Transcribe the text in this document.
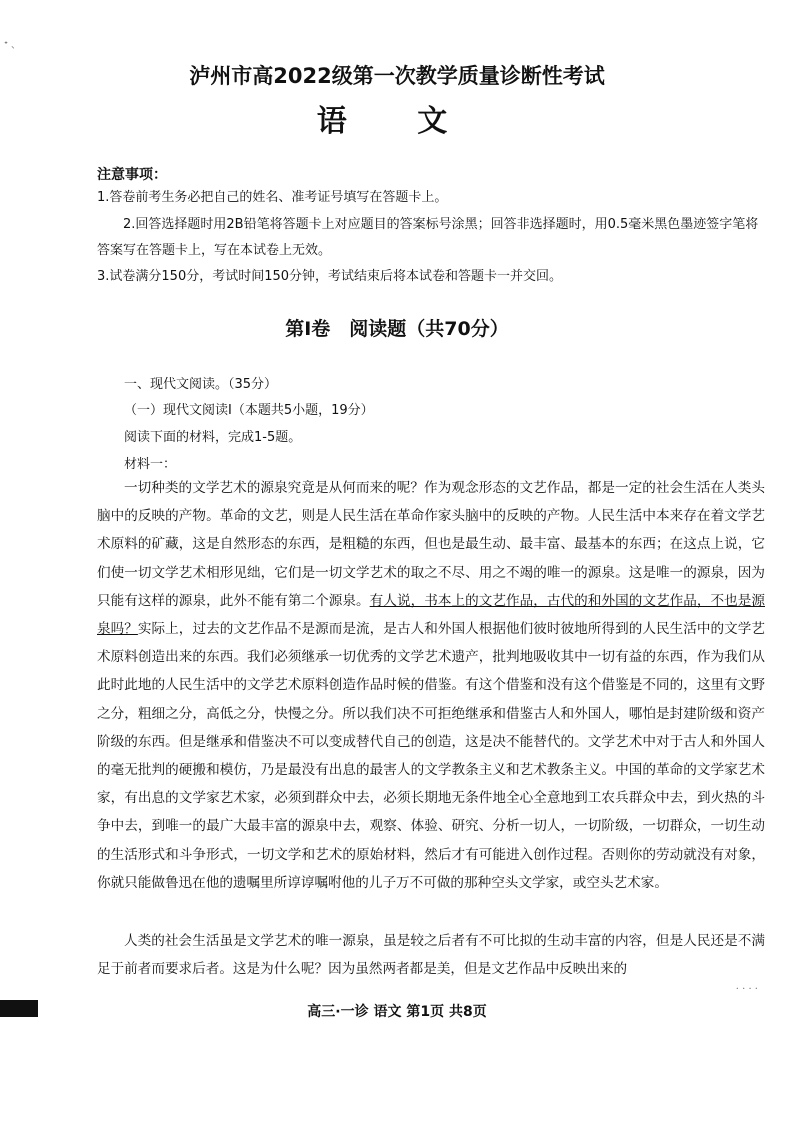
ᐩ ､
泸州市高2022级第一次教学质量诊断性考试
语 文
注意事项：
1.答卷前考生务必把自己的姓名、准考证号填写在答题卡上。
2.回答选择题时用2B铅笔将答题卡上对应题目的答案标号涂黑；回答非选择题时，用0.5毫米黑色墨迹签字笔将答案写在答题卡上，写在本试卷上无效。
3.试卷满分150分，考试时间150分钟，考试结束后将本试卷和答题卡一并交回。
第Ⅰ卷　阅读题（共70分）
一、现代文阅读。（35分）
（一）现代文阅读Ⅰ（本题共5小题，19分）
阅读下面的材料，完成1-5题。
材料一：
一切种类的文学艺术的源泉究竟是从何而来的呢？作为观念形态的文艺作品，都是一定的社会生活在人类头脑中的反映的产物。革命的文艺，则是人民生活在革命作家头脑中的反映的产物。人民生活中本来存在着文学艺术原料的矿藏，这是自然形态的东西，是粗糙的东西，但也是最生动、最丰富、最基本的东西；在这点上说，它们使一切文学艺术相形见绌，它们是一切文学艺术的取之不尽、用之不竭的唯一的源泉。这是唯一的源泉，因为只能有这样的源泉，此外不能有第二个源泉。有人说，书本上的文艺作品，古代的和外国的文艺作品，不也是源泉吗？实际上，过去的文艺作品不是源而是流，是古人和外国人根据他们彼时彼地所得到的人民生活中的文学艺术原料创造出来的东西。我们必须继承一切优秀的文学艺术遗产，批判地吸收其中一切有益的东西，作为我们从此时此地的人民生活中的文学艺术原料创造作品时候的借鉴。有这个借鉴和没有这个借鉴是不同的，这里有文野之分，粗细之分，高低之分，快慢之分。所以我们决不可拒绝继承和借鉴古人和外国人，哪怕是封建阶级和资产阶级的东西。但是继承和借鉴决不可以变成替代自己的创造，这是决不能替代的。文学艺术中对于古人和外国人的毫无批判的硬搬和模仿，乃是最没有出息的最害人的文学教条主义和艺术教条主义。中国的革命的文学家艺术家，有出息的文学家艺术家，必须到群众中去，必须长期地无条件地全心全意地到工农兵群众中去，到火热的斗争中去，到唯一的最广大最丰富的源泉中去，观察、体验、研究、分析一切人，一切阶级，一切群众，一切生动的生活形式和斗争形式，一切文学和艺术的原始材料，然后才有可能进入创作过程。否则你的劳动就没有对象，你就只能做鲁迅在他的遗嘱里所谆谆嘱咐他的儿子万不可做的那种空头文学家，或空头艺术家。
人类的社会生活虽是文学艺术的唯一源泉，虽是较之后者有不可比拟的生动丰富的内容，但是人民还是不满足于前者而要求后者。这是为什么呢？因为虽然两者都是美，但是文艺作品中反映出来的
· · · ·
高三·一诊 语文 第1页 共8页
